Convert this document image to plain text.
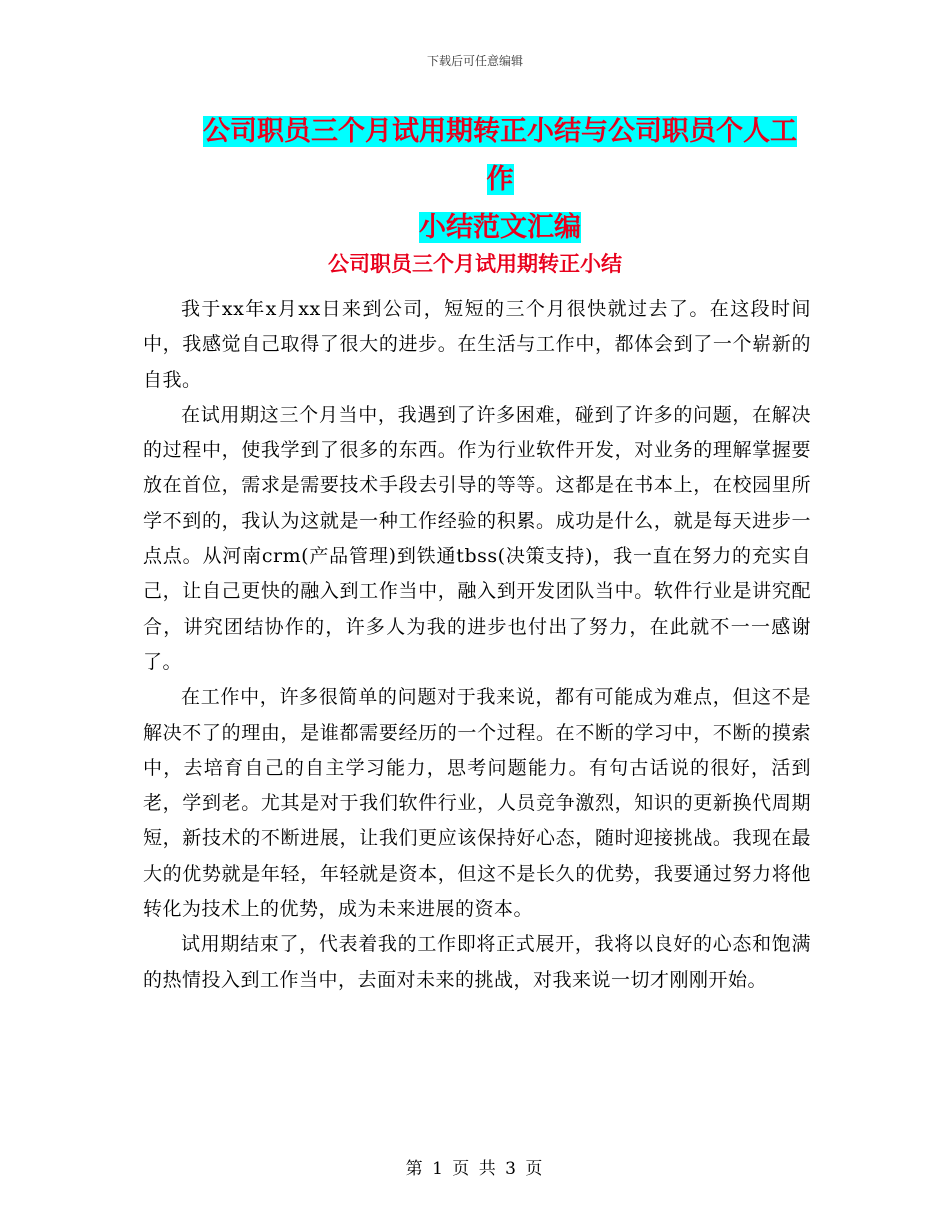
下载后可任意编辑
公司职员三个月试用期转正小结与公司职员个人工作
小结范文汇编
公司职员三个月试用期转正小结

我于xx年x月xx日来到公司，短短的三个月很快就过去了。在这段时间中，我感觉自己取得了很大的进步。在生活与工作中，都体会到了一个崭新的自我。

在试用期这三个月当中，我遇到了许多困难，碰到了许多的问题，在解决的过程中，使我学到了很多的东西。作为行业软件开发，对业务的理解掌握要放在首位，需求是需要技术手段去引导的等等。这都是在书本上，在校园里所学不到的，我认为这就是一种工作经验的积累。成功是什么，就是每天进步一点点。从河南crm(产品管理)到铁通tbss(决策支持)，我一直在努力的充实自己，让自己更快的融入到工作当中，融入到开发团队当中。软件行业是讲究配合，讲究团结协作的，许多人为我的进步也付出了努力，在此就不一一感谢了。

在工作中，许多很简单的问题对于我来说，都有可能成为难点，但这不是解决不了的理由，是谁都需要经历的一个过程。在不断的学习中，不断的摸索中，去培育自己的自主学习能力，思考问题能力。有句古话说的很好，活到老，学到老。尤其是对于我们软件行业，人员竞争激烈，知识的更新换代周期短，新技术的不断进展，让我们更应该保持好心态，随时迎接挑战。我现在最大的优势就是年轻，年轻就是资本，但这不是长久的优势，我要通过努力将他转化为技术上的优势，成为未来进展的资本。

试用期结束了，代表着我的工作即将正式展开，我将以良好的心态和饱满的热情投入到工作当中，去面对未来的挑战，对我来说一切才刚刚开始。

第 1 页 共 3 页
